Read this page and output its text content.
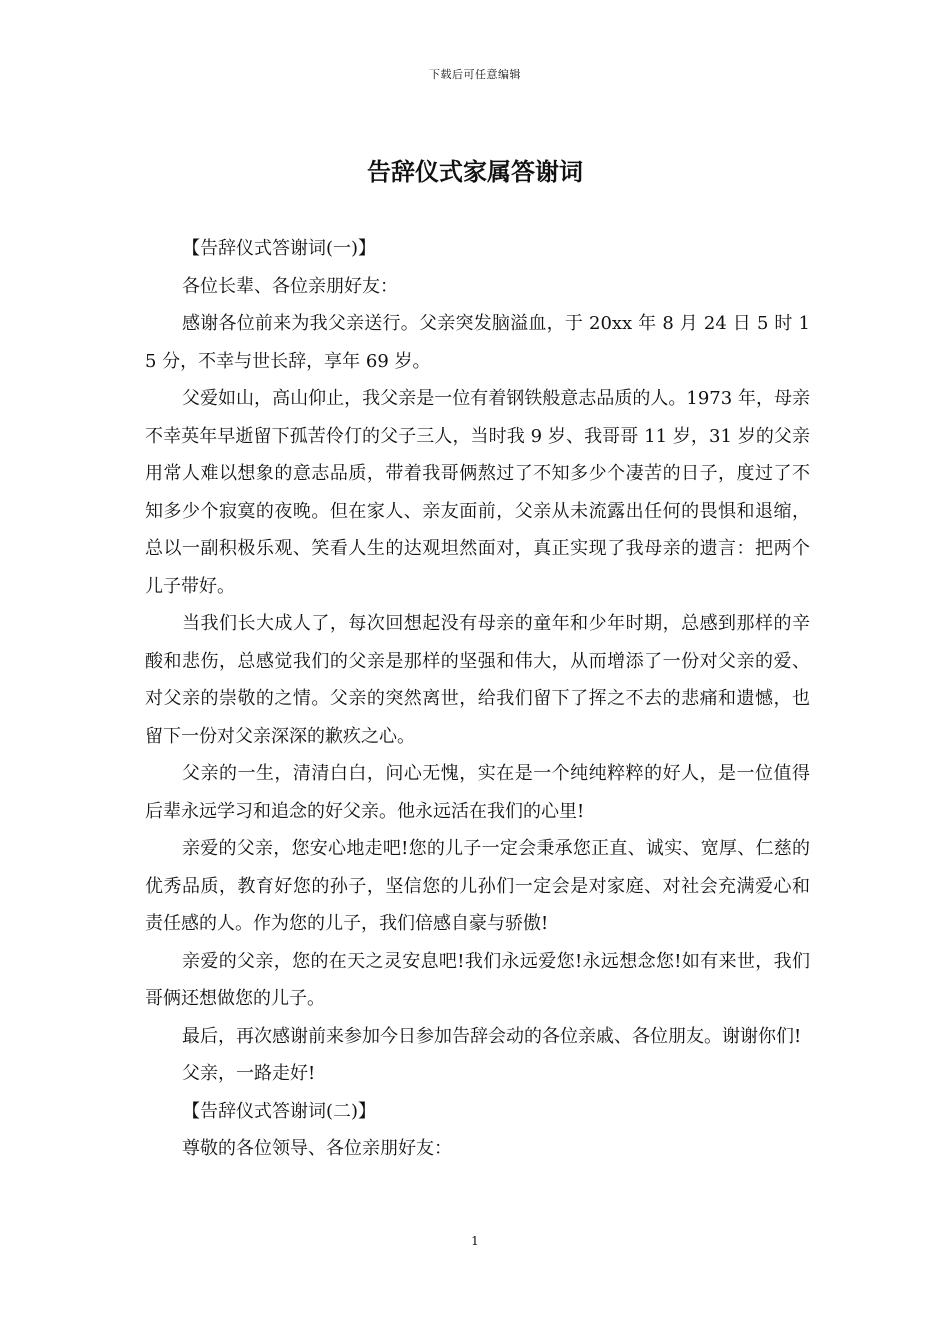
下载后可任意编辑
告辞仪式家属答谢词

【告辞仪式答谢词(一)】

各位长辈、各位亲朋好友：

感谢各位前来为我父亲送行。父亲突发脑溢血，于 20xx 年 8 月 24 日 5 时 15 分，不幸与世长辞，享年 69 岁。

父爱如山，高山仰止，我父亲是一位有着钢铁般意志品质的人。1973 年，母亲不幸英年早逝留下孤苦伶仃的父子三人，当时我 9 岁、我哥哥 11 岁，31 岁的父亲用常人难以想象的意志品质，带着我哥俩熬过了不知多少个凄苦的日子，度过了不知多少个寂寞的夜晚。但在家人、亲友面前，父亲从未流露出任何的畏惧和退缩，总以一副积极乐观、笑看人生的达观坦然面对，真正实现了我母亲的遗言：把两个儿子带好。

当我们长大成人了，每次回想起没有母亲的童年和少年时期，总感到那样的辛酸和悲伤，总感觉我们的父亲是那样的坚强和伟大，从而增添了一份对父亲的爱、对父亲的崇敬的之情。父亲的突然离世，给我们留下了挥之不去的悲痛和遗憾，也留下一份对父亲深深的歉疚之心。

父亲的一生，清清白白，问心无愧，实在是一个纯纯粹粹的好人，是一位值得后辈永远学习和追念的好父亲。他永远活在我们的心里!

亲爱的父亲，您安心地走吧!您的儿子一定会秉承您正直、诚实、宽厚、仁慈的优秀品质，教育好您的孙子，坚信您的儿孙们一定会是对家庭、对社会充满爱心和责任感的人。作为您的儿子，我们倍感自豪与骄傲!

亲爱的父亲，您的在天之灵安息吧!我们永远爱您!永远想念您!如有来世，我们哥俩还想做您的儿子。

最后，再次感谢前来参加今日参加告辞会动的各位亲戚、各位朋友。谢谢你们!

父亲，一路走好!

【告辞仪式答谢词(二)】

尊敬的各位领导、各位亲朋好友：

1
